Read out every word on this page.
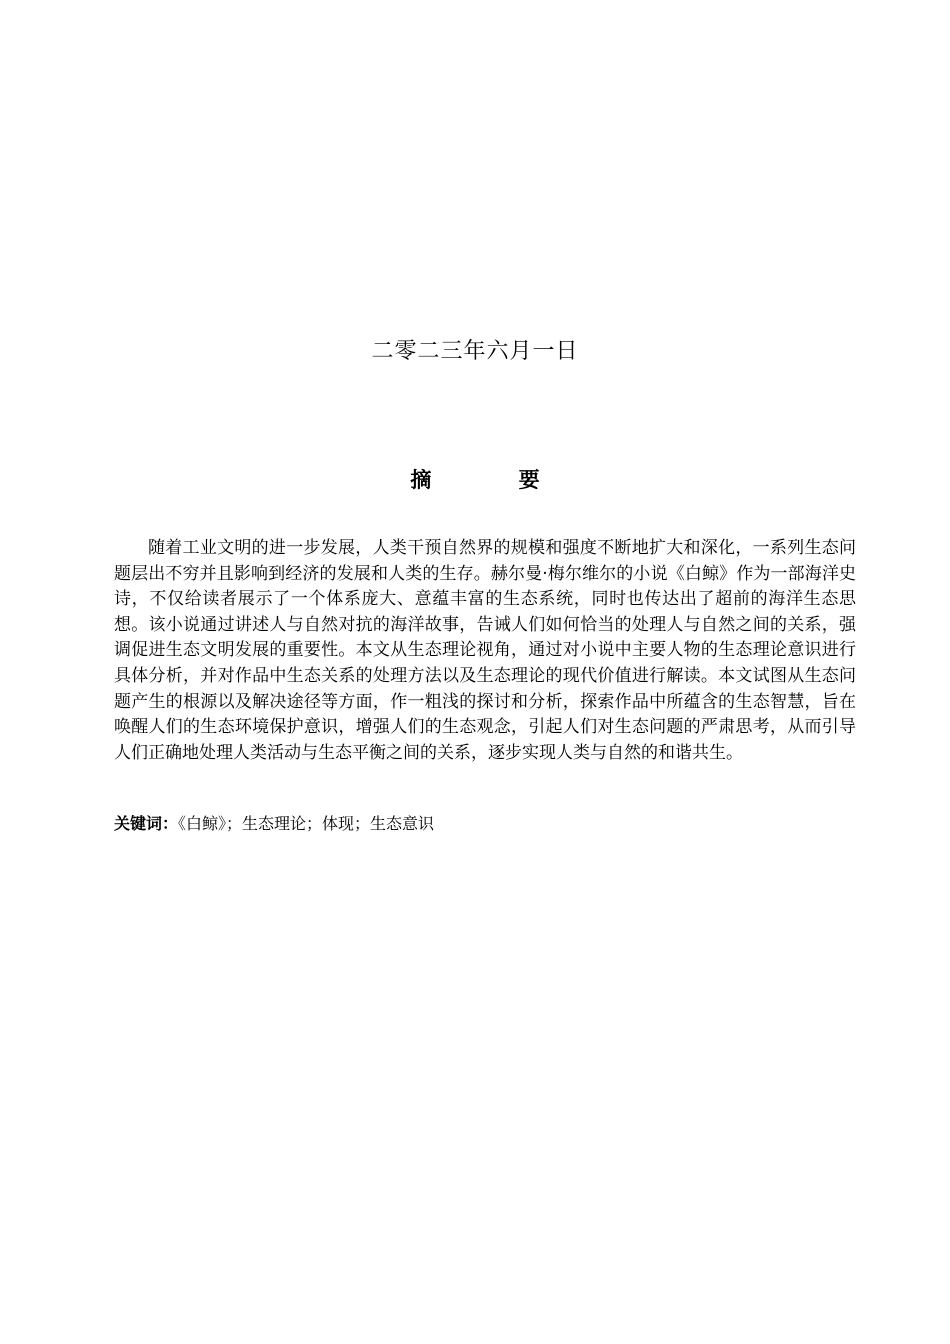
二零二三年六月一日
摘 要

随着工业文明的进一步发展，人类干预自然界的规模和强度不断地扩大和深化，一系列生态问题层出不穷并且影响到经济的发展和人类的生存。赫尔曼·梅尔维尔的小说《白鲸》作为一部海洋史诗，不仅给读者展示了一个体系庞大、意蕴丰富的生态系统，同时也传达出了超前的海洋生态思想。该小说通过讲述人与自然对抗的海洋故事，告诫人们如何恰当的处理人与自然之间的关系，强调促进生态文明发展的重要性。本文从生态理论视角，通过对小说中主要人物的生态理论意识进行具体分析，并对作品中生态关系的处理方法以及生态理论的现代价值进行解读。本文试图从生态问题产生的根源以及解决途径等方面，作一粗浅的探讨和分析，探索作品中所蕴含的生态智慧，旨在唤醒人们的生态环境保护意识，增强人们的生态观念，引起人们对生态问题的严肃思考，从而引导人们正确地处理人类活动与生态平衡之间的关系，逐步实现人类与自然的和谐共生。

关键词：《白鲸》；生态理论；体现；生态意识
